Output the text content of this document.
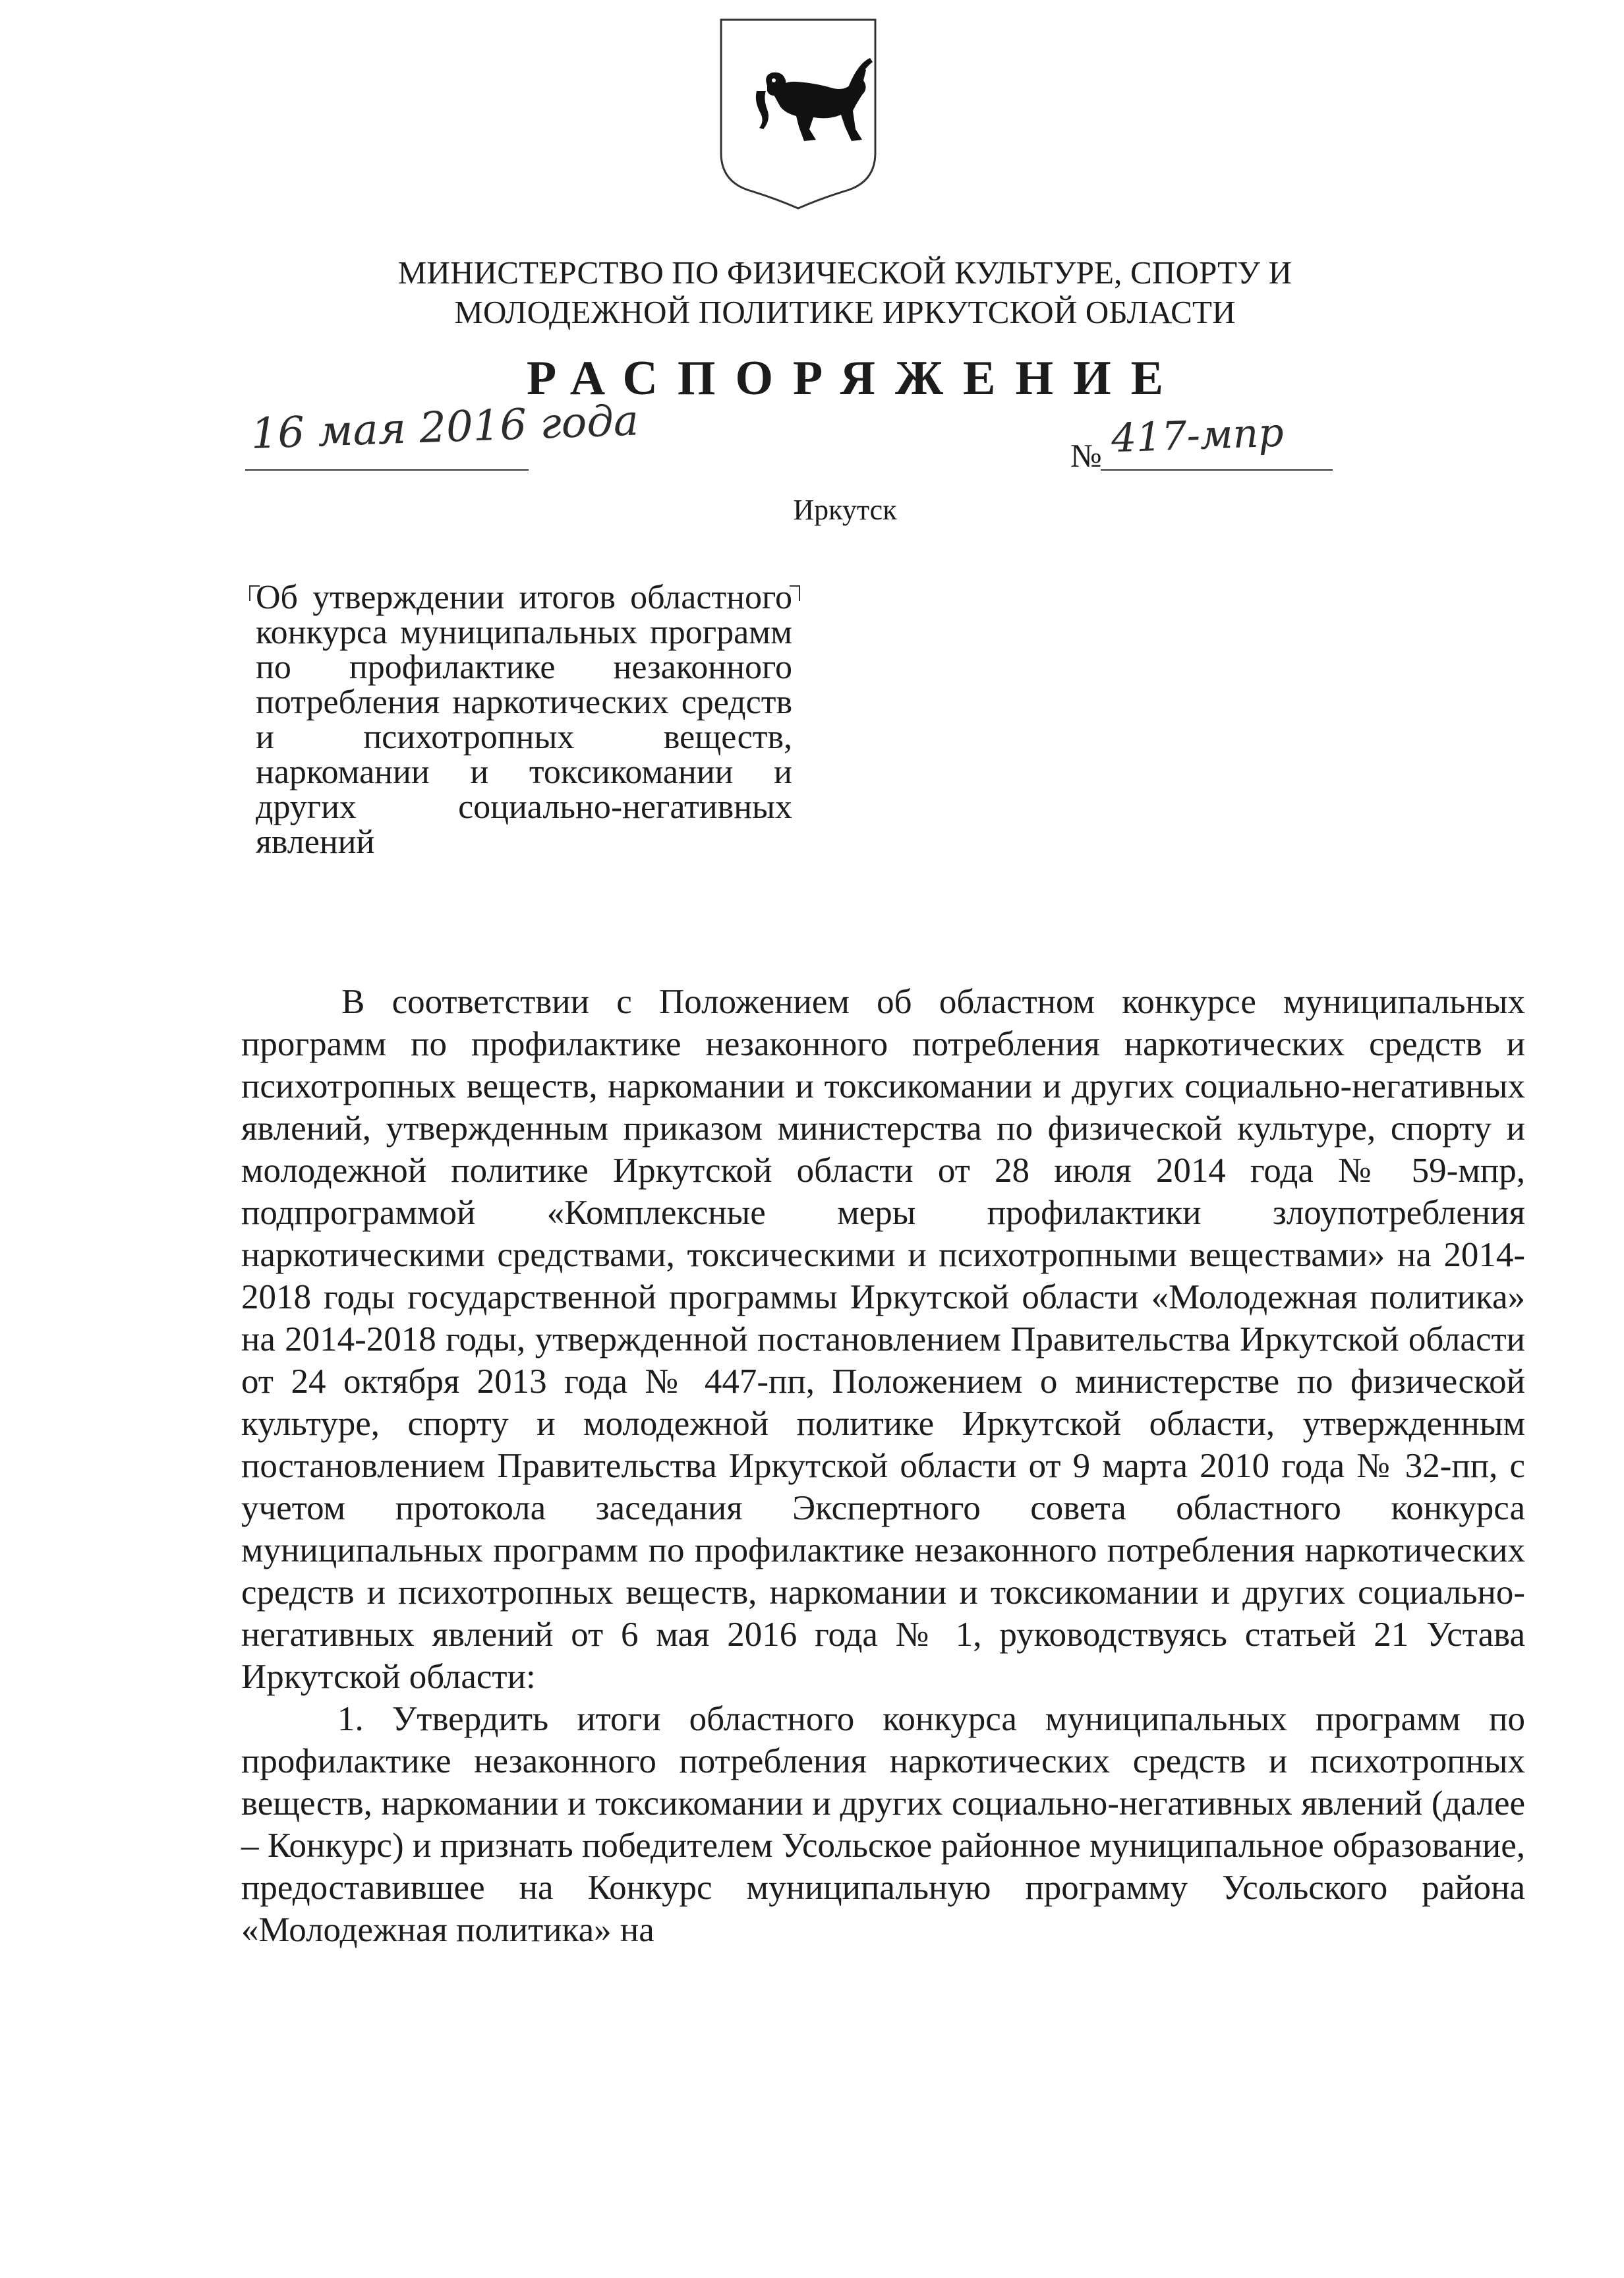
МИНИСТЕРСТВО ПО ФИЗИЧЕСКОЙ КУЛЬТУРЕ, СПОРТУ И
МОЛОДЕЖНОЙ ПОЛИТИКЕ ИРКУТСКОЙ ОБЛАСТИ
РАСПОРЯЖЕНИЕ
16 мая 2016 года	№ 417-мпр
Иркутск
Об утверждении итогов областного конкурса муниципальных программ по профилактике незаконного потребления наркотических средств и психотропных веществ, наркомании и токсикомании и других социально-негативных явлений

В соответствии с Положением об областном конкурсе муниципальных программ по профилактике незаконного потребления наркотических средств и психотропных веществ, наркомании и токсикомании и других социально-негативных явлений, утвержденным приказом министерства по физической культуре, спорту и молодежной политике Иркутской области от 28 июля 2014 года № 59-мпр, подпрограммой «Комплексные меры профилактики злоупотребления наркотическими средствами, токсическими и психотропными веществами» на 2014-2018 годы государственной программы Иркутской области «Молодежная политика» на 2014-2018 годы, утвержденной постановлением Правительства Иркутской области от 24 октября 2013 года № 447-пп, Положением о министерстве по физической культуре, спорту и молодежной политике Иркутской области, утвержденным постановлением Правительства Иркутской области от 9 марта 2010 года № 32-пп, с учетом протокола заседания Экспертного совета областного конкурса муниципальных программ по профилактике незаконного потребления наркотических средств и психотропных веществ, наркомании и токсикомании и других социально-негативных явлений от 6 мая 2016 года № 1, руководствуясь статьей 21 Устава Иркутской области:

1. Утвердить итоги областного конкурса муниципальных программ по профилактике незаконного потребления наркотических средств и психотропных веществ, наркомании и токсикомании и других социально-негативных явлений (далее – Конкурс) и признать победителем Усольское районное муниципальное образование, предоставившее на Конкурс муниципальную программу Усольского района «Молодежная политика» на
